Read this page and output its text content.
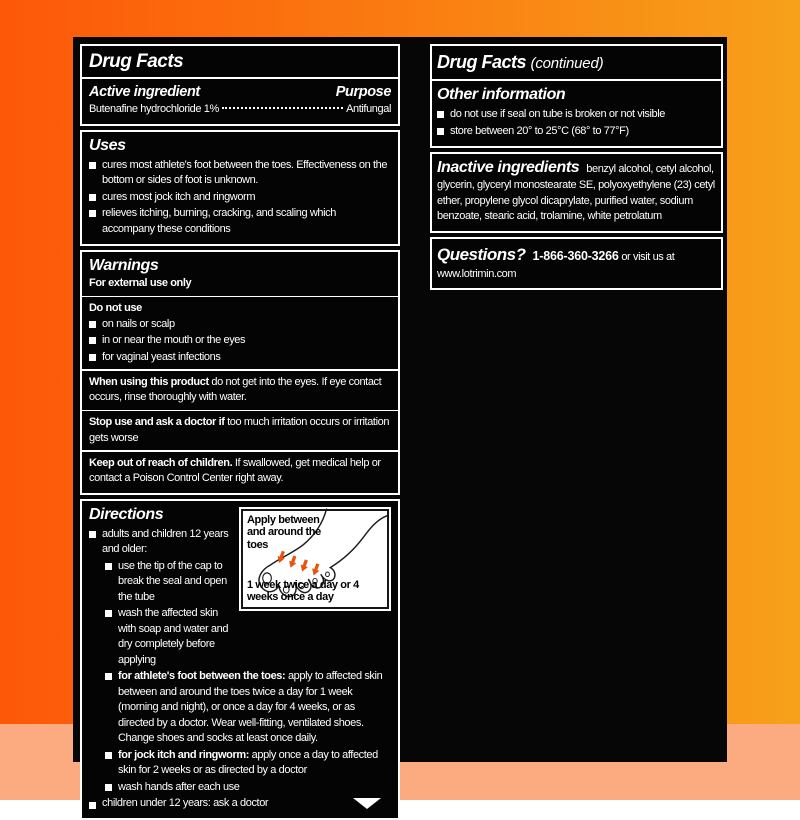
Drug Facts
Active ingredient	Purpose
Butenafine hydrochloride 1%	Antifungal
Uses
cures most athlete's foot between the toes. Effectiveness on the bottom or sides of foot is unknown.
cures most jock itch and ringworm
relieves itching, burning, cracking, and scaling which accompany these conditions
Warnings
For external use only
Do not use
on nails or scalp
in or near the mouth or the eyes
for vaginal yeast infections

When using this product do not get into the eyes. If eye contact occurs, rinse thoroughly with water.

Stop use and ask a doctor if too much irritation occurs or irritation gets worse

Keep out of reach of children. If swallowed, get medical help or contact a Poison Control Center right away.

Apply between and around the toes
1 week twice a day or 4 weeks once a day
Directions
adults and children 12 years and older:
use the tip of the cap to break the seal and open the tube
wash the affected skin with soap and water and dry completely before applying
for athlete's foot between the toes: apply to affected skin between and around the toes twice a day for 1 week (morning and night), or once a day for 4 weeks, or as directed by a doctor. Wear well-fitting, ventilated shoes. Change shoes and socks at least once daily.
for jock itch and ringworm: apply once a day to affected skin for 2 weeks or as directed by a doctor
wash hands after each use
children under 12 years: ask a doctor
Drug Facts (continued)
Other information
do not use if seal on tube is broken or not visible
store between 20° to 25°C (68° to 77°F)

Inactive ingredients benzyl alcohol, cetyl alcohol, glycerin, glyceryl monostearate SE, polyoxyethylene (23) cetyl ether, propylene glycol dicaprylate, purified water, sodium benzoate, stearic acid, trolamine, white petrolatum

Questions? 1-866-360-3266 or visit us at www.lotrimin.com
